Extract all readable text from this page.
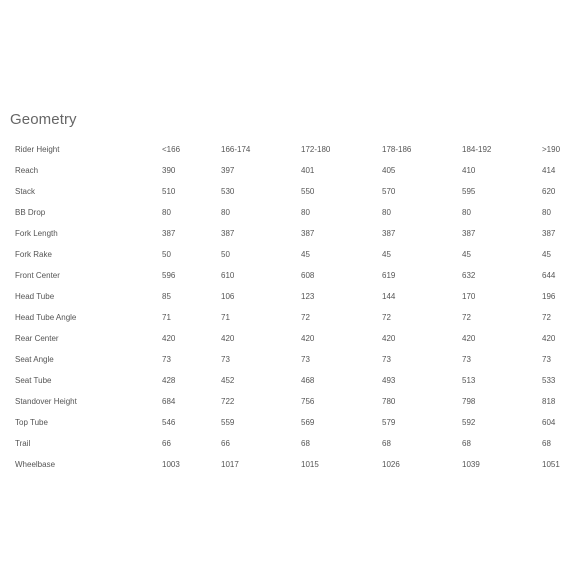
Geometry
Rider Height	<166	166-174	172-180	178-186	184-192	>190
Reach	390	397	401	405	410	414
Stack	510	530	550	570	595	620
BB Drop	80	80	80	80	80	80
Fork Length	387	387	387	387	387	387
Fork Rake	50	50	45	45	45	45
Front Center	596	610	608	619	632	644
Head Tube	85	106	123	144	170	196
Head Tube Angle	71	71	72	72	72	72
Rear Center	420	420	420	420	420	420
Seat Angle	73	73	73	73	73	73
Seat Tube	428	452	468	493	513	533
Standover Height	684	722	756	780	798	818
Top Tube	546	559	569	579	592	604
Trail	66	66	68	68	68	68
Wheelbase	1003	1017	1015	1026	1039	1051
